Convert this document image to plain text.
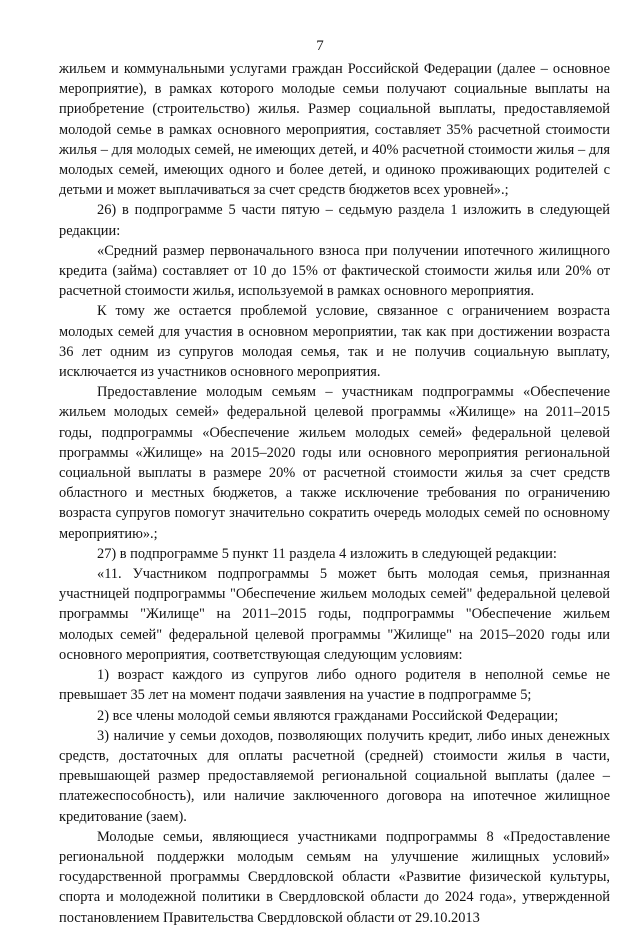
7

жильем и коммунальными услугами граждан Российской Федерации (далее – основное мероприятие), в рамках которого молодые семьи получают социальные выплаты на приобретение (строительство) жилья. Размер социальной выплаты, предоставляемой молодой семье в рамках основного мероприятия, составляет 35% расчетной стоимости жилья – для молодых семей, не имеющих детей, и 40% расчетной стоимости жилья – для молодых семей, имеющих одного и более детей, и одиноко проживающих родителей с детьми и может выплачиваться за счет средств бюджетов всех уровней».;

26) в подпрограмме 5 части пятую – седьмую раздела 1 изложить в следующей редакции:

«Средний размер первоначального взноса при получении ипотечного жилищного кредита (займа) составляет от 10 до 15% от фактической стоимости жилья или 20% от расчетной стоимости жилья, используемой в рамках основного мероприятия.

К тому же остается проблемой условие, связанное с ограничением возраста молодых семей для участия в основном мероприятии, так как при достижении возраста 36 лет одним из супругов молодая семья, так и не получив социальную выплату, исключается из участников основного мероприятия.

Предоставление молодым семьям – участникам подпрограммы «Обеспечение жильем молодых семей» федеральной целевой программы «Жилище» на 2011–2015 годы, подпрограммы «Обеспечение жильем молодых семей» федеральной целевой программы «Жилище» на 2015–2020 годы или основного мероприятия региональной социальной выплаты в размере 20% от расчетной стоимости жилья за счет средств областного и местных бюджетов, а также исключение требования по ограничению возраста супругов помогут значительно сократить очередь молодых семей по основному мероприятию».;

27) в подпрограмме 5 пункт 11 раздела 4 изложить в следующей редакции:

«11. Участником подпрограммы 5 может быть молодая семья, признанная участницей подпрограммы "Обеспечение жильем молодых семей" федеральной целевой программы "Жилище" на 2011–2015 годы, подпрограммы "Обеспечение жильем молодых семей" федеральной целевой программы "Жилище" на 2015–2020 годы или основного мероприятия, соответствующая следующим условиям:

1) возраст каждого из супругов либо одного родителя в неполной семье не превышает 35 лет на момент подачи заявления на участие в подпрограмме 5;

2) все члены молодой семьи являются гражданами Российской Федерации;

3) наличие у семьи доходов, позволяющих получить кредит, либо иных денежных средств, достаточных для оплаты расчетной (средней) стоимости жилья в части, превышающей размер предоставляемой региональной социальной выплаты (далее – платежеспособность), или наличие заключенного договора на ипотечное жилищное кредитование (заем).

Молодые семьи, являющиеся участниками подпрограммы 8 «Предоставление региональной поддержки молодым семьям на улучшение жилищных условий» государственной программы Свердловской области «Развитие физической культуры, спорта и молодежной политики в Свердловской области до 2024 года», утвержденной постановлением Правительства Свердловской области от 29.10.2013
